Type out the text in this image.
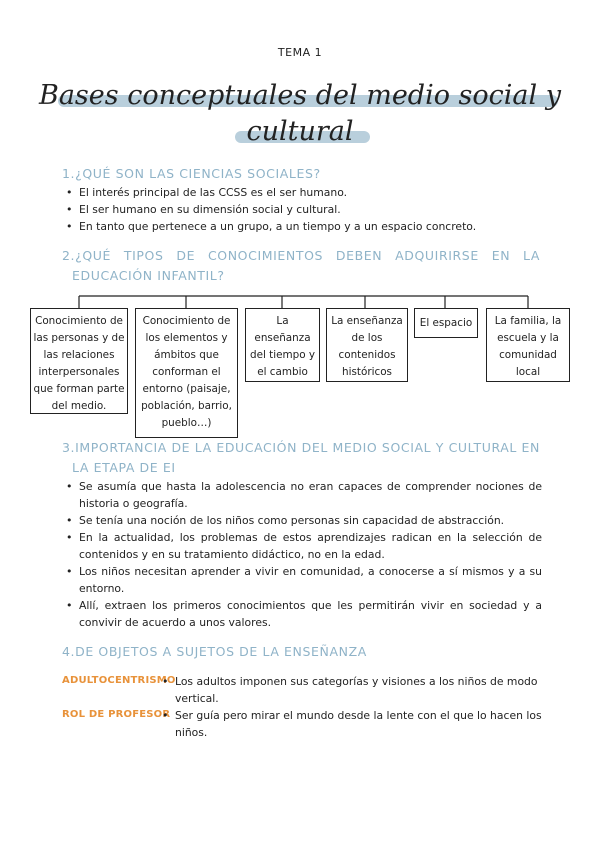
TEMA 1
Bases conceptuales del medio social y
cultural
1.¿QUÉ SON LAS CIENCIAS SOCIALES?
• El interés principal de las CCSS es el ser humano.
• El ser humano en su dimensión social y cultural.
• En tanto que pertenece a un grupo, a un tiempo y a un espacio concreto.
2.¿QUÉ TIPOS DE CONOCIMIENTOS DEBEN ADQUIRIRSE EN LA
EDUCACIÓN INFANTIL?
Conocimiento de las personas y de las relaciones interpersonales que forman parte del medio.
Conocimiento de los elementos y ámbitos que conforman el entorno (paisaje, población, barrio, pueblo…)
La enseñanza del tiempo y el cambio
La enseñanza de los contenidos históricos
El espacio	La familia, la escuela y la comunidad local
3.IMPORTANCIA DE LA EDUCACIÓN DEL MEDIO SOCIAL Y CULTURAL EN
LA ETAPA DE EI
• Se asumía que hasta la adolescencia no eran capaces de comprender nociones de historia o geografía.
• Se tenía una noción de los niños como personas sin capacidad de abstracción.
• En la actualidad, los problemas de estos aprendizajes radican en la selección de contenidos y en su tratamiento didáctico, no en la edad.
• Los niños necesitan aprender a vivir en comunidad, a conocerse a sí mismos y a su entorno.
• Allí, extraen los primeros conocimientos que les permitirán vivir en sociedad y a convivir de acuerdo a unos valores.
4.DE OBJETOS A SUJETOS DE LA ENSEÑANZA
ADULTOCENTRISMO • Los adultos imponen sus categorías y visiones a los niños de modo vertical.
ROL DE PROFESOR • Ser guía pero mirar el mundo desde la lente con el que lo hacen los niños.
